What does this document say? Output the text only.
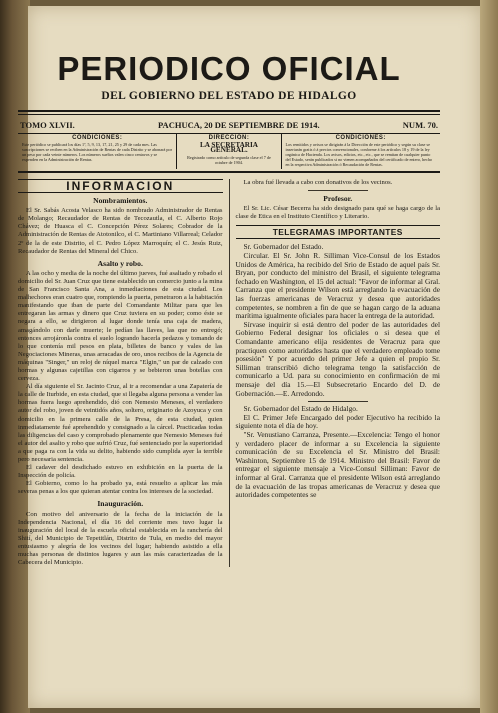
PERIODICO OFICIAL
DEL GOBIERNO DEL ESTADO DE HIDALGO
TOMO XLVII.	PACHUCA, 20 DE SEPTIEMBRE DE 1914.	NUM. 70.
CONDICIONES:
Este periódico se publicará los días 1º, 5, 9, 13, 17, 21, 25 y 29 de cada mes. Las suscripciones se reciben en la Administración de Rentas de cada Distrito y se abonará por un peso por cada veinte números. Los números sueltos valen cinco centavos y se expenden en la Administración de Rentas.
DIRECCION:
LA SECRETARIA GENERAL.
Registrado como artículo de segunda clase el 7 de octubre de 1904.
CONDICIONES:
Los remitidos y avisos se dirigirán á la Dirección de este periódico y según su clase se insertarán gratis ó á precios convencionales, conforme á los artículos 18 y 19 de la ley orgánica de Hacienda. Los avisos, edictos, etc., etc., que se remitan de cualquier punto del Estado, serán publicados si no vienen acompañados del certificado de entero, hecho en la respectiva Administración ó Recaudación de Rentas.
INFORMACION
Nombramientos.

El Sr. Sabás Acosta Velasco ha sido nombrado Administrador de Rentas de Molango; Recaudador de Rentas de Tecozautla, el C. Alberto Rojo Chávez; de Huasca el C. Concepción Pérez Solares; Cobrador de la Administración de Rentas de Atotonilco, el C. Martiniano Villarreal; Celador 2º de la de este Distrito, el C. Pedro López Marroquín; el C. Jesús Ruiz, Recaudador de Rentas del Mineral del Chico.

Asalto y robo.

A las ocho y media de la noche del último jueves, fué asaltado y robado el domicilio del Sr. Juan Cruz que tiene establecido un comercio junto a la mina de San Francisco Santa Ana, a inmediaciones de esta ciudad. Los malhechores eran cuatro que, rompiendo la puerta, penetraron a la habitación manifestando que iban de parte del Comandante Militar para que les entregaran las armas y dinero que Cruz tuviera en su poder; como éste se negara a ello, se dirigieron al lugar donde tenía una caja de madera, amagándolo con darle muerte; le pedían las llaves, las que no entregó; entonces arrojáronla contra el suelo logrando hacerla pedazos y tomando de lo que contenía mil pesos en plata, billetes de banco y vales de las Negociaciones Mineras, unas arracadas de oro, unos recibos de la Agencia de máquinas "Singer," un reloj de níquel marca "Elgin," un par de calzado con hormas y algunas cajetillas con cigarros y se bebieron unas botellas con cerveza.

Al día siguiente el Sr. Jacinto Cruz, al ir a recomendar a una Zapatería de la calle de Iturbide, en esta ciudad, que si llegaba alguna persona a vender las hormas fuera luego aprehendido, dió con Nemesio Meneses, el verdadero autor del robo, joven de veintidós años, soltero, originario de Azoyuca y con domicilio en la primera calle de la Presa, de esta ciudad, quien inmediatamente fué aprehendido y consignado a la cárcel. Practicadas todas las diligencias del caso y comprobado plenamente que Nemesio Meneses fué el autor del asalto y robo que sufrió Cruz, fué sentenciado por la superioridad a que paga ra con la vida su delito, habiendo sido cumplida ayer la terrible pero necesaria sentencia.

El cadaver del desdichado estuvo en exhibición en la puerta de la Inspección de policía.

El Gobierno, como lo ha probado ya, está resuelto a aplicar las más severas penas a los que quieran atentar contra los intereses de la sociedad.

Inauguración.

Con motivo del aniversario de la fecha de la iniciación de la Independencia Nacional, el día 16 del corriente mes tuvo lugar la inauguración del local de la escuela oficial establecida en la ranchería del Shití, del Municipio de Tepetitlán, Distrito de Tula, en medio del mayor entusiasmo y alegría de los vecinos del lugar; habiendo asistido a ella muchas personas de distintos lugares y aun las más caracterizadas de la Cabecera del Municipio.

La obra fué llevada a cabo con donativos de los vecinos.

Profesor.

El Sr. Lic. César Becerra ha sido designado para qué se haga cargo de la clase de Etica en el Instituto Científico y Literario.

TELEGRAMAS IMPORTANTES

Sr. Gobernador del Estado.

Circular. El Sr. John R. Silliman Vice-Consul de los Estados Unidos de América, ha recibido del Srio de Estado de aquel país Sr. Bryan, por conducto del ministro del Brasil, el siguiente telegrama fechado en Washington, el 15 del actual: "Favor de informar al Gral. Carranza que el presidente Wilson está arreglando la evacuación de las fuerzas americanas de Veracruz y desea que autoridades competentes, se nombren a fin de que se hagan cargo de la aduana marítima igualmente oficiales para hacer la entrega de la autoridad.

Sírvase inquirir si está dentro del poder de las autoridades del Gobierno Federal designar los oficiales o si desea que el Comandante americano elija residentes de Veracruz para que practiquen como autoridades hasta que el verdadero empleado tome posesión" Y por acuerdo del primer Jefe a quien el propio Sr. Silliman transcribió dicho telegrama tengo la satisfacción de comunicarlo a Ud. para su conocimiento en confirmación de mi mensaje del día 15.—El Subsecretario Encardo del D. de Gobernación.—E. Arredondo.

Sr. Gobernador del Estado de Hidalgo.

El C. Primer Jefe Encargado del poder Ejecutivo ha recibido la siguiente nota el día de hoy.

"Sr. Venustiano Carranza, Presente.—Excelencia: Tengo el honor y verdadero placer de informar a su Excelencia la siguiente comunicación de su Excelencia el Sr. Ministro del Brasil: Washinton, Septiembre 15 de 1914. Ministro del Brasil: Favor de entregar el siguiente mensaje a Vice-Consul Silliman: Favor de informar al Gral. Carranza que el presidente Wilson está arreglando de la evacuación de las tropas americanas de Veracruz y desea que autoridades competentes se
